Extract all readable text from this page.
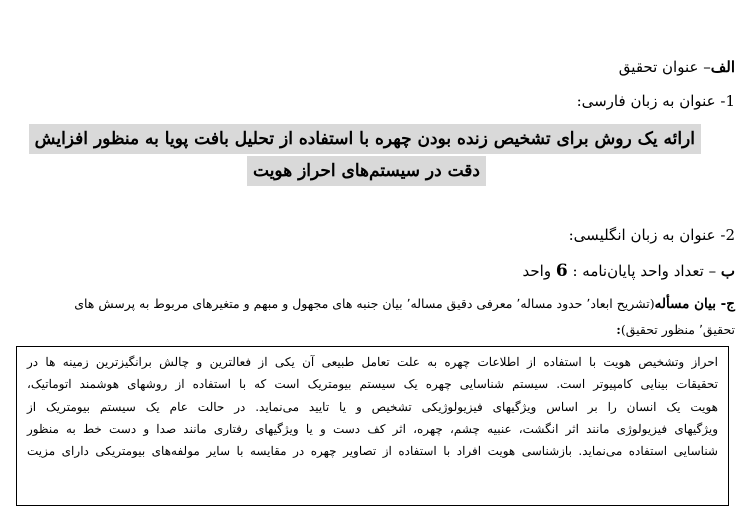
الف– عنوان تحقیق
1- عنوان به زبان فارسی:
ارائه یک روش برای تشخیص زنده بودن چهره با استفاده از تحلیل بافت پویا به منظور افزایش
دقت در سیستم‌های احراز هویت
2- عنوان به زبان انگلیسی:
ب – تعداد واحد پایان‌نامه : 6 واحد
ج- بیان مسأله(تشریح ابعاد٬ حدود مساله٬ معرفی دقیق مساله٬ بیان جنبه های مجهول و مبهم و متغیرهای مربوط به پرسش های
تحقیق٬ منظور تحقیق):

احراز وتشخیص هویت با استفاده از اطلاعات چهره به علت تعامل طبیعی آن یکی از فعالترین و چالش برانگیزترین زمینه ها در
تحقیقات بینایی کامپیوتر است. سیستم شناسایی چهره یک سیستم بیومتریک است که با استفاده از روشهای هوشمند اتوماتیک،
هویت یک انسان را بر اساس ویژگیهای فیزیولوژیکی تشخیص و یا تایید می‌نماید. در حالت عام یک سیستم بیومتریک از
ویژگیهای فیزیولوژی مانند اثر انگشت، عنبیه چشم، چهره، اثر کف دست و یا ویژگیهای رفتاری مانند صدا و دست خط به منظور
شناسایی استفاده می‌نماید. بازشناسی هویت افراد با استفاده از تصاویر چهره در مقایسه با سایر مولفه‌های بیومتریکی دارای مزیت
